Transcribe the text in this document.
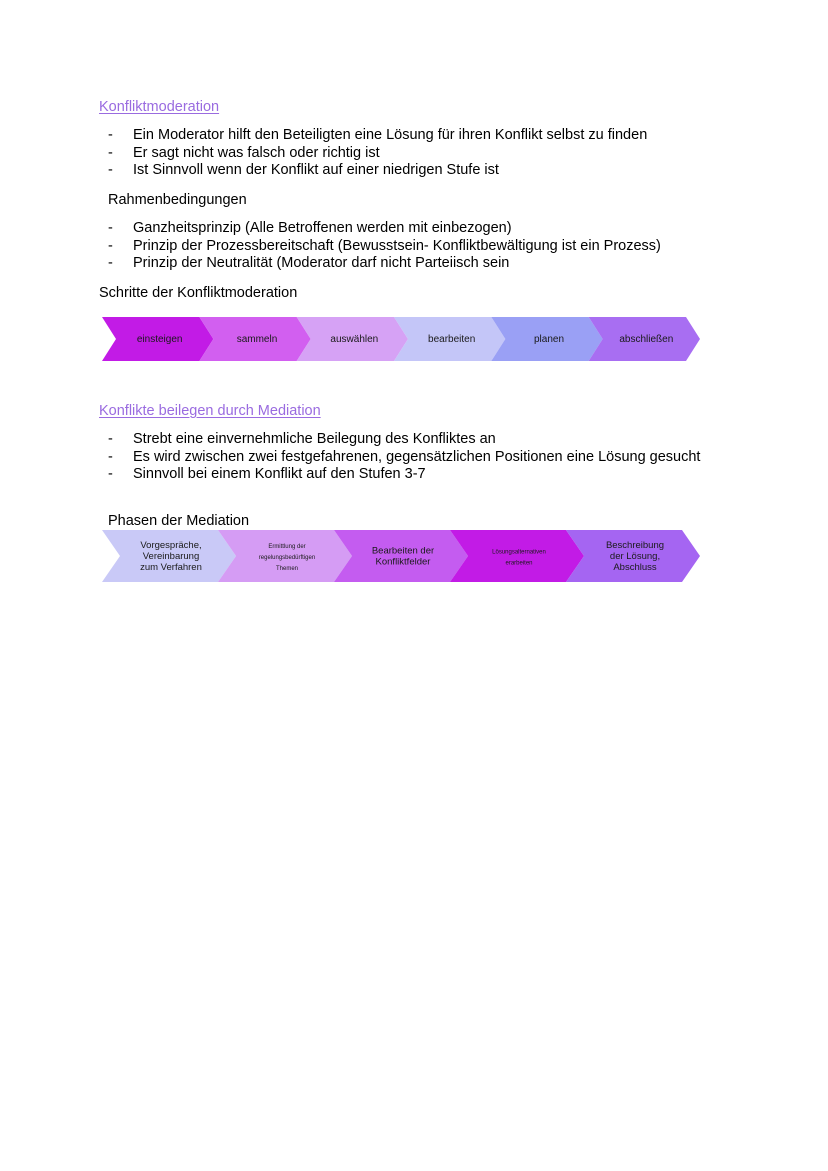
Konfliktmoderation
- Ein Moderator hilft den Beteiligten eine Lösung für ihren Konflikt selbst zu finden
- Er sagt nicht was falsch oder richtig ist
- Ist Sinnvoll wenn der Konflikt auf einer niedrigen Stufe ist
Rahmenbedingungen
- Ganzheitsprinzip (Alle Betroffenen werden mit einbezogen)
- Prinzip der Prozessbereitschaft (Bewusstsein- Konfliktbewältigung ist ein Prozess)
- Prinzip der Neutralität (Moderator darf nicht Parteiisch sein
Schritte der Konfliktmoderation
einsteigen	sammeln	auswählen	bearbeiten	planen	abschließen
Konflikte beilegen durch Mediation
- Strebt eine einvernehmliche Beilegung des Konfliktes an
- Es wird zwischen zwei festgefahrenen, gegensätzlichen Positionen eine Lösung gesucht
- Sinnvoll bei einem Konflikt auf den Stufen 3-7
Phasen der Mediation
Vorgespräche,
Vereinbarung
zum Verfahren
Ermittlung der
regelungsbedürftigen
Themen
Bearbeiten der
Konfliktfelder
Lösungsalternativen
erarbeiten
Beschreibung
der Lösung,
Abschluss
